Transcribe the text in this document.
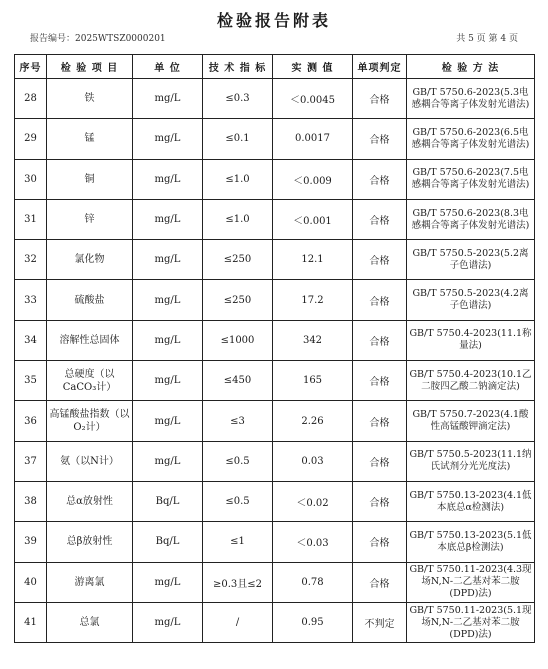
检验报告附表
报告编号：2025WTSZ0000201	共 5 页 第 4 页
序号	检 验 项 目	单 位	技 术 指 标	实 测 值	单项判定	检 验 方 法
28	铁	mg/L	≤0.3	＜0.0045	合格	GB/T 5750.6-2023(5.3电感耦合等离子体发射光谱法)
29	锰	mg/L	≤0.1	0.0017	合格	GB/T 5750.6-2023(6.5电感耦合等离子体发射光谱法)
30	铜	mg/L	≤1.0	＜0.009	合格	GB/T 5750.6-2023(7.5电感耦合等离子体发射光谱法)
31	锌	mg/L	≤1.0	＜0.001	合格	GB/T 5750.6-2023(8.3电感耦合等离子体发射光谱法)
32	氯化物	mg/L	≤250	12.1	合格	GB/T 5750.5-2023(5.2离子色谱法)
33	硫酸盐	mg/L	≤250	17.2	合格	GB/T 5750.5-2023(4.2离子色谱法)
34	溶解性总固体	mg/L	≤1000	342	合格	GB/T 5750.4-2023(11.1称量法)
35	总硬度（以CaCO₃计）	mg/L	≤450	165	合格	GB/T 5750.4-2023(10.1乙二胺四乙酸二钠滴定法)
36	高锰酸盐指数（以O₂计）	mg/L	≤3	2.26	合格	GB/T 5750.7-2023(4.1酸性高锰酸钾滴定法)
37	氨（以N计）	mg/L	≤0.5	0.03	合格	GB/T 5750.5-2023(11.1纳氏试剂分光光度法)
38	总α放射性	Bq/L	≤0.5	＜0.02	合格	GB/T 5750.13-2023(4.1低本底总α检测法)
39	总β放射性	Bq/L	≤1	＜0.03	合格	GB/T 5750.13-2023(5.1低本底总β检测法)
40	游离氯	mg/L	≥0.3且≤2	0.78	合格	GB/T 5750.11-2023(4.3现场N,N-二乙基对苯二胺(DPD)法)
41	总氯	mg/L	/	0.95	不判定	GB/T 5750.11-2023(5.1现场N,N-二乙基对苯二胺(DPD)法)
